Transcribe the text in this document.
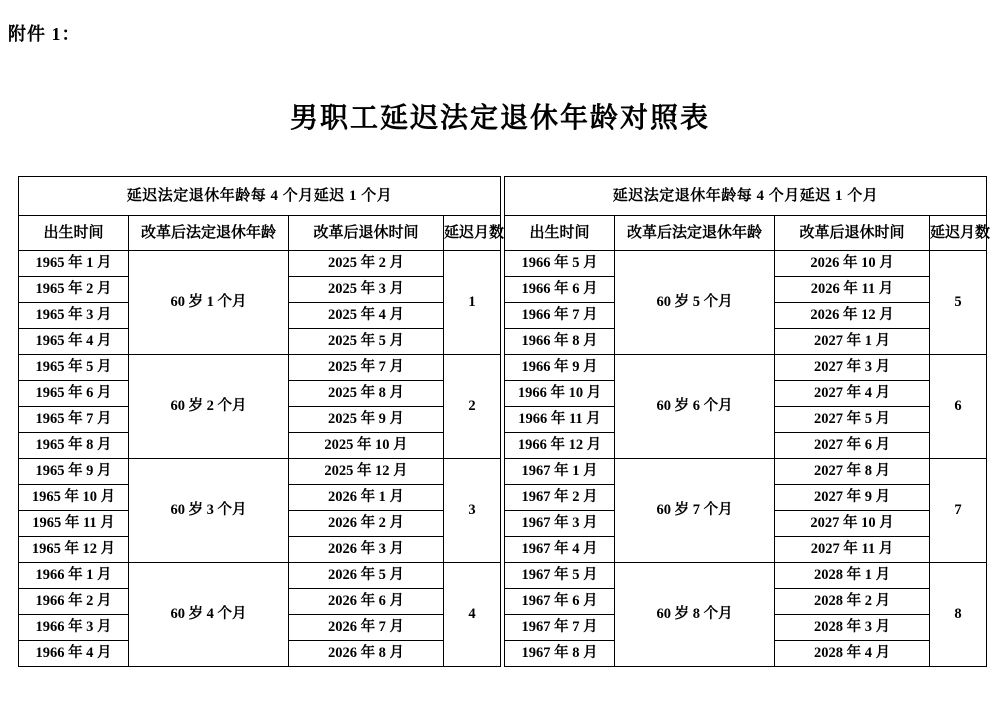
附件 1：
男职工延迟法定退休年龄对照表
延迟法定退休年龄每 4 个月延迟 1 个月					延迟法定退休年龄每 4 个月延迟 1 个月			
出生时间	改革后法定退休年龄	改革后退休时间	延迟月数		出生时间	改革后法定退休年龄	改革后退休时间	延迟月数
1965 年 1 月	60 岁 1 个月	2025 年 2 月	1		1966 年 5 月	60 岁 5 个月	2026 年 10 月	5
1965 年 2 月		2025 年 3 月			1966 年 6 月		2026 年 11 月	
1965 年 3 月		2025 年 4 月			1966 年 7 月		2026 年 12 月	
1965 年 4 月		2025 年 5 月			1966 年 8 月		2027 年 1 月	
1965 年 5 月	60 岁 2 个月	2025 年 7 月	2		1966 年 9 月	60 岁 6 个月	2027 年 3 月	6
1965 年 6 月		2025 年 8 月			1966 年 10 月		2027 年 4 月	
1965 年 7 月		2025 年 9 月			1966 年 11 月		2027 年 5 月	
1965 年 8 月		2025 年 10 月			1966 年 12 月		2027 年 6 月	
1965 年 9 月	60 岁 3 个月	2025 年 12 月	3		1967 年 1 月	60 岁 7 个月	2027 年 8 月	7
1965 年 10 月		2026 年 1 月			1967 年 2 月		2027 年 9 月	
1965 年 11 月		2026 年 2 月			1967 年 3 月		2027 年 10 月	
1965 年 12 月		2026 年 3 月			1967 年 4 月		2027 年 11 月	
1966 年 1 月	60 岁 4 个月	2026 年 5 月	4		1967 年 5 月	60 岁 8 个月	2028 年 1 月	8
1966 年 2 月		2026 年 6 月			1967 年 6 月		2028 年 2 月	
1966 年 3 月		2026 年 7 月			1967 年 7 月		2028 年 3 月	
1966 年 4 月		2026 年 8 月			1967 年 8 月		2028 年 4 月	
